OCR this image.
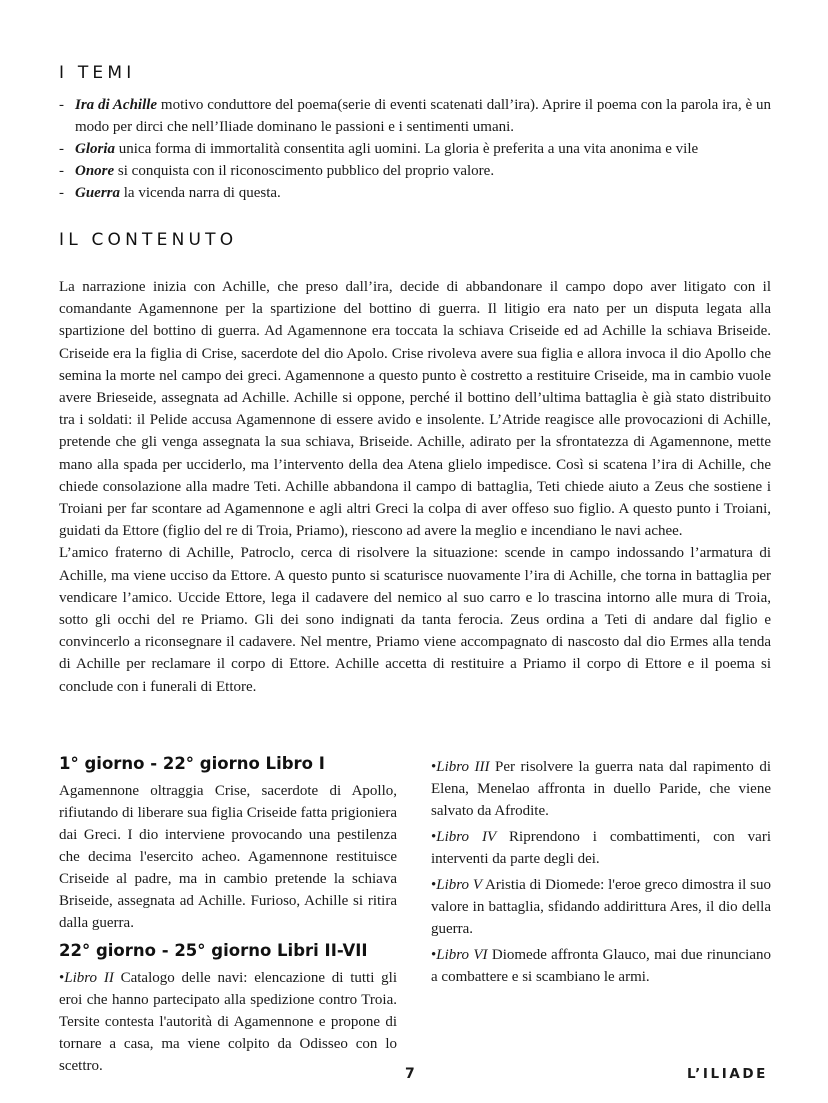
I TEMI
- Ira di Achille motivo conduttore del poema(serie di eventi scatenati dall’ira). Aprire il poema con la parola ira, è un modo per dirci che nell’Iliade dominano le passioni e i sentimenti umani.
- Gloria unica forma di immortalità consentita agli uomini. La gloria è preferita a una vita anonima e vile
- Onore si conquista con il riconoscimento pubblico del proprio valore.
- Guerra la vicenda narra di questa.
IL CONTENUTO

La narrazione inizia con Achille, che preso dall’ira, decide di abbandonare il campo dopo aver litigato con il comandante Agamennone per la spartizione del bottino di guerra. Il litigio era nato per un disputa legata alla spartizione del bottino di guerra. Ad Agamennone era toccata la schiava Criseide ed ad Achille la schiava Briseide. Criseide era la figlia di Crise, sacerdote del dio Apolo. Crise rivoleva avere sua figlia e allora invoca il dio Apollo che semina la morte nel campo dei greci. Agamennone a questo punto è costretto a restituire Criseide, ma in cambio vuole avere Brieseide, assegnata ad Achille. Achille si oppone, perché il bottino dell’ultima battaglia è già stato distribuito tra i soldati: il Pelide accusa Agamennone di essere avido e insolente. L’Atride reagisce alle provocazioni di Achille, pretende che gli venga assegnata la sua schiava, Briseide. Achille, adirato per la sfrontatezza di Agamennone, mette mano alla spada per ucciderlo, ma l’intervento della dea Atena glielo impedisce. Così si scatena l’ira di Achille, che chiede consolazione alla madre Teti. Achille abbandona il campo di battaglia, Teti chiede aiuto a Zeus che sostiene i Troiani per far scontare ad Agamennone e agli altri Greci la colpa di aver offeso suo figlio. A questo punto i Troiani, guidati da Ettore (figlio del re di Troia, Priamo), riescono ad avere la meglio e incendiano le navi achee.

L’amico fraterno di Achille, Patroclo, cerca di risolvere la situazione: scende in campo indossando l’armatura di Achille, ma viene ucciso da Ettore. A questo punto si scaturisce nuovamente l’ira di Achille, che torna in battaglia per vendicare l’amico. Uccide Ettore, lega il cadavere del nemico al suo carro e lo trascina intorno alle mura di Troia, sotto gli occhi del re Priamo. Gli dei sono indignati da tanta ferocia. Zeus ordina a Teti di andare dal figlio e convincerlo a riconsegnare il cadavere. Nel mentre, Priamo viene accompagnato di nascosto dal dio Ermes alla tenda di Achille per reclamare il corpo di Ettore. Achille accetta di restituire a Priamo il corpo di Ettore e il poema si conclude con i funerali di Ettore.

1° giorno - 22° giorno Libro I

Agamennone oltraggia Crise, sacerdote di Apollo, rifiutando di liberare sua figlia Criseide fatta prigioniera dai Greci. I dio interviene provocando una pestilenza che decima l'esercito acheo. Agamennone restituisce Criseide al padre, ma in cambio pretende la schiava Briseide, assegnata ad Achille. Furioso, Achille si ritira dalla guerra.

22° giorno - 25° giorno Libri II-VII

•Libro II Catalogo delle navi: elencazione di tutti gli eroi che hanno partecipato alla spedizione contro Troia. Tersite contesta l'autorità di Agamennone e propone di tornare a casa, ma viene colpito da Odisseo con lo scettro.

•Libro III Per risolvere la guerra nata dal rapimento di Elena, Menelao affronta in duello Paride, che viene salvato da Afrodite.

•Libro IV Riprendono i combattimenti, con vari interventi da parte degli dei.

•Libro V Aristia di Diomede: l'eroe greco dimostra il suo valore in battaglia, sfidando addirittura Ares, il dio della guerra.

•Libro VI Diomede affronta Glauco, mai due rinunciano a combattere e si scambiano le armi.

7	L’ILIADE
